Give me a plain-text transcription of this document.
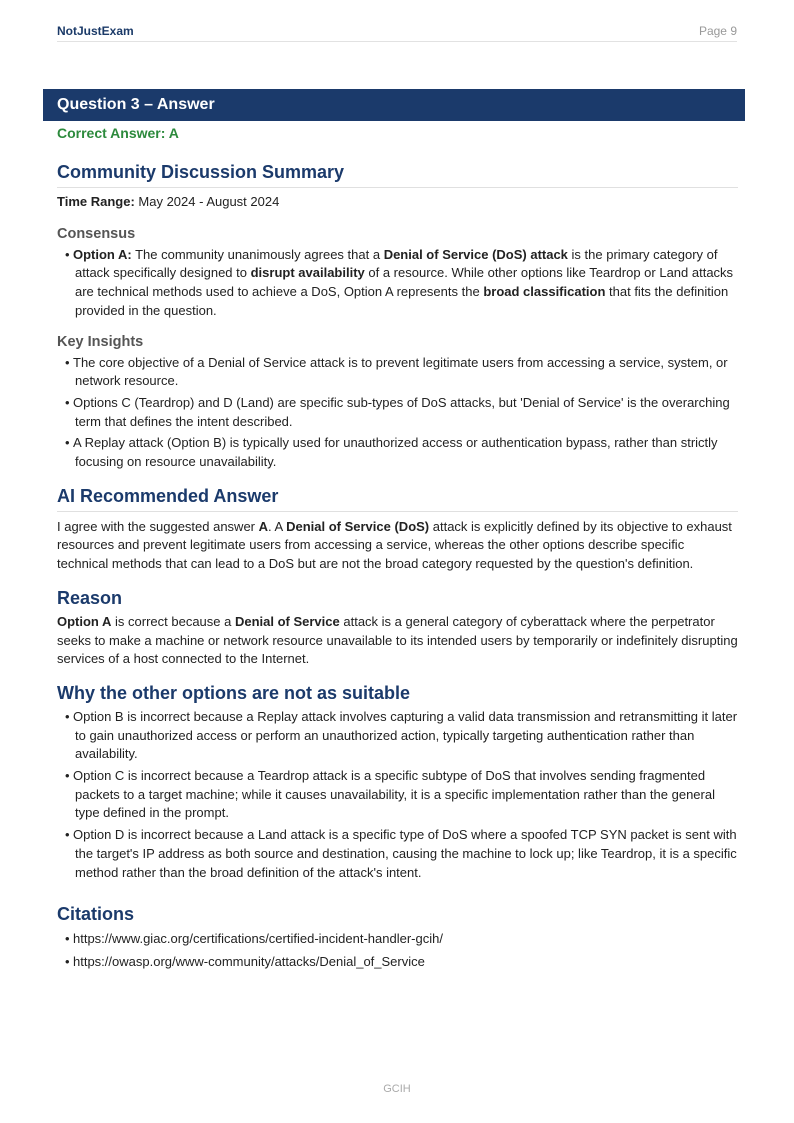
NotJustExam	Page 9
Question 3 – Answer
Correct Answer: A
Community Discussion Summary

Time Range: May 2024 - August 2024

Consensus
• Option A: The community unanimously agrees that a Denial of Service (DoS) attack is the primary category of attack specifically designed to disrupt availability of a resource. While other options like Teardrop or Land attacks are technical methods used to achieve a DoS, Option A represents the broad classification that fits the definition provided in the question.
Key Insights
• The core objective of a Denial of Service attack is to prevent legitimate users from accessing a service, system, or network resource.
• Options C (Teardrop) and D (Land) are specific sub-types of DoS attacks, but 'Denial of Service' is the overarching term that defines the intent described.
• A Replay attack (Option B) is typically used for unauthorized access or authentication bypass, rather than strictly focusing on resource unavailability.
AI Recommended Answer

I agree with the suggested answer A. A Denial of Service (DoS) attack is explicitly defined by its objective to exhaust resources and prevent legitimate users from accessing a service, whereas the other options describe specific technical methods that can lead to a DoS but are not the broad category requested by the question's definition.

Reason

Option A is correct because a Denial of Service attack is a general category of cyberattack where the perpetrator seeks to make a machine or network resource unavailable to its intended users by temporarily or indefinitely disrupting services of a host connected to the Internet.

Why the other options are not as suitable
• Option B is incorrect because a Replay attack involves capturing a valid data transmission and retransmitting it later to gain unauthorized access or perform an unauthorized action, typically targeting authentication rather than availability.
• Option C is incorrect because a Teardrop attack is a specific subtype of DoS that involves sending fragmented packets to a target machine; while it causes unavailability, it is a specific implementation rather than the general type defined in the prompt.
• Option D is incorrect because a Land attack is a specific type of DoS where a spoofed TCP SYN packet is sent with the target's IP address as both source and destination, causing the machine to lock up; like Teardrop, it is a specific method rather than the broad definition of the attack's intent.
Citations
• https://www.giac.org/certifications/certified-incident-handler-gcih/
• https://owasp.org/www-community/attacks/Denial_of_Service
GCIH
